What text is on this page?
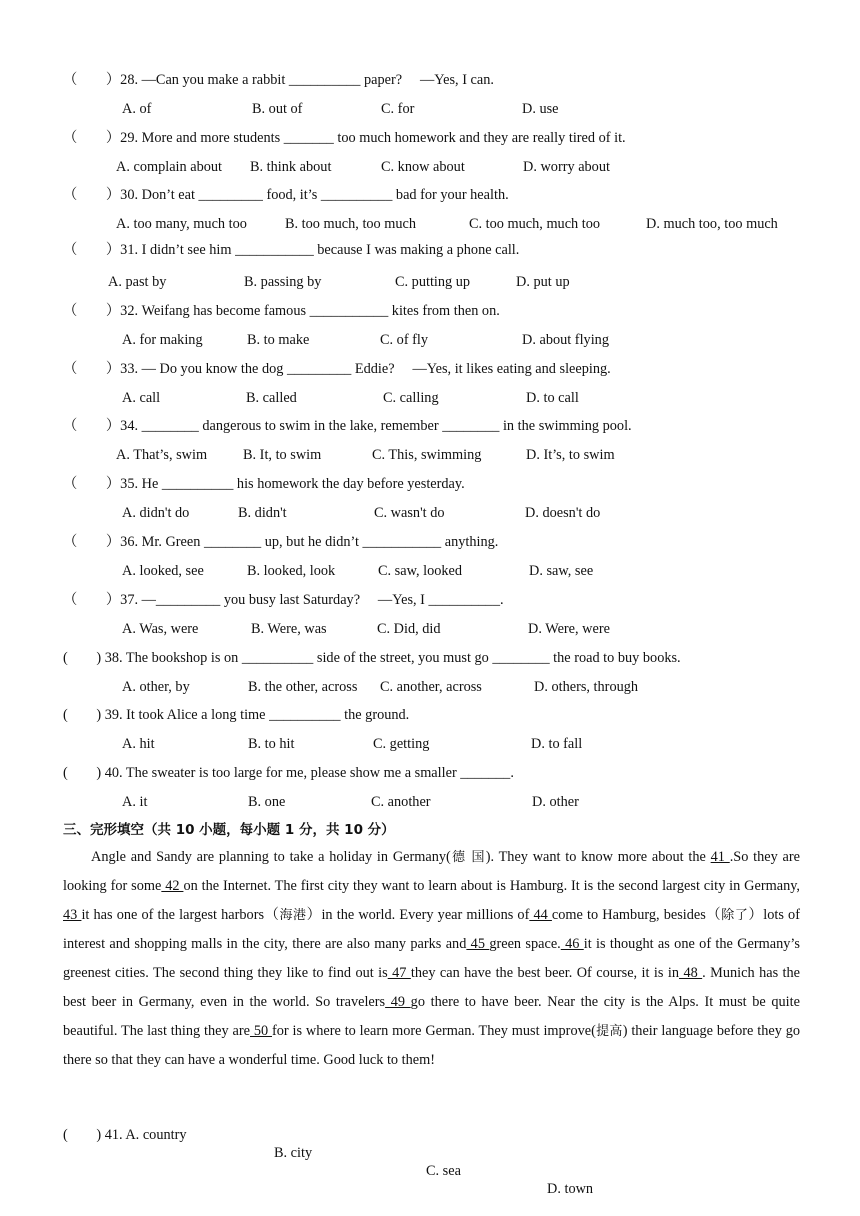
（　　）28. —Can you make a rabbit __________ paper?　 —Yes, I can.
A. of	B. out of	C. for	D. use
（　　）29. More and more students _______ too much homework and they are really tired of it.
A. complain about B. think about	C. know about	D. worry about
（　　）30. Don’t eat _________ food, it’s __________ bad for your health.
A. too many, much too	B. too much, too much	C. too much, much too	D. much too, too much
（　　）31. I didn’t see him ___________ because I was making a phone call.
A. past by	B. passing by	C. putting up	D. put up
（　　）32. Weifang has become famous ___________ kites from then on.
A. for making	B. to make	C. of fly	D. about flying
（　　）33. — Do you know the dog _________ Eddie?　 —Yes, it likes eating and sleeping.
A. call	B. called	C. calling	D. to call
（　　）34. ________ dangerous to swim in the lake, remember ________ in the swimming pool.
A. That’s, swim	B. It, to swim	C. This, swimming	D. It’s, to swim
（　　）35. He __________ his homework the day before yesterday.
A. didn't do	B. didn't	C. wasn't do	D. doesn't do
（　　）36. Mr. Green ________ up, but he didn’t ___________ anything.
A. looked, see	B. looked, look	C. saw, looked	D. saw, see
（　　）37. —_________ you busy last Saturday?　 —Yes, I __________.
A. Was, were	B. Were, was	C. Did, did	D. Were, were
(　　) 38. The bookshop is on __________ side of the street, you must go ________ the road to buy books.
A. other, by	B. the other, across C. another, across	D. others, through
(　　) 39. It took Alice a long time __________ the ground.
A. hit	B. to hit	C. getting	D. to fall
(　　) 40. The sweater is too large for me, please show me a smaller _______.
A. it	B. one	C. another	D. other
三、完形填空（共 10 小题，每小题 1 分，共 10 分）
Angle and Sandy are planning to take a holiday in Germany(德 国). They want to know more about the 41 .So they are looking for some 42 on the Internet. The first city they want to learn about is Hamburg. It is the second largest city in Germany, 43 it has one of the largest harbors（海港）in the world. Every year millions of 44 come to Hamburg, besides（除了）lots of interest and shopping malls in the city, there are also many parks and 45 green space. 46 it is thought as one of the Germany’s greenest cities. The second thing they like to find out is 47 they can have the best beer. Of course, it is in 48 . Munich has the best beer in Germany, even in the world. So travelers 49 go there to have beer. Near the city is the Alps. It must be quite beautiful. The last thing they are 50 for is where to learn more German. They must improve(提高) their language before they go there so that they can have a wonderful time. Good luck to them!

(　　) 41. A. country

B. city

C. sea

D. town
